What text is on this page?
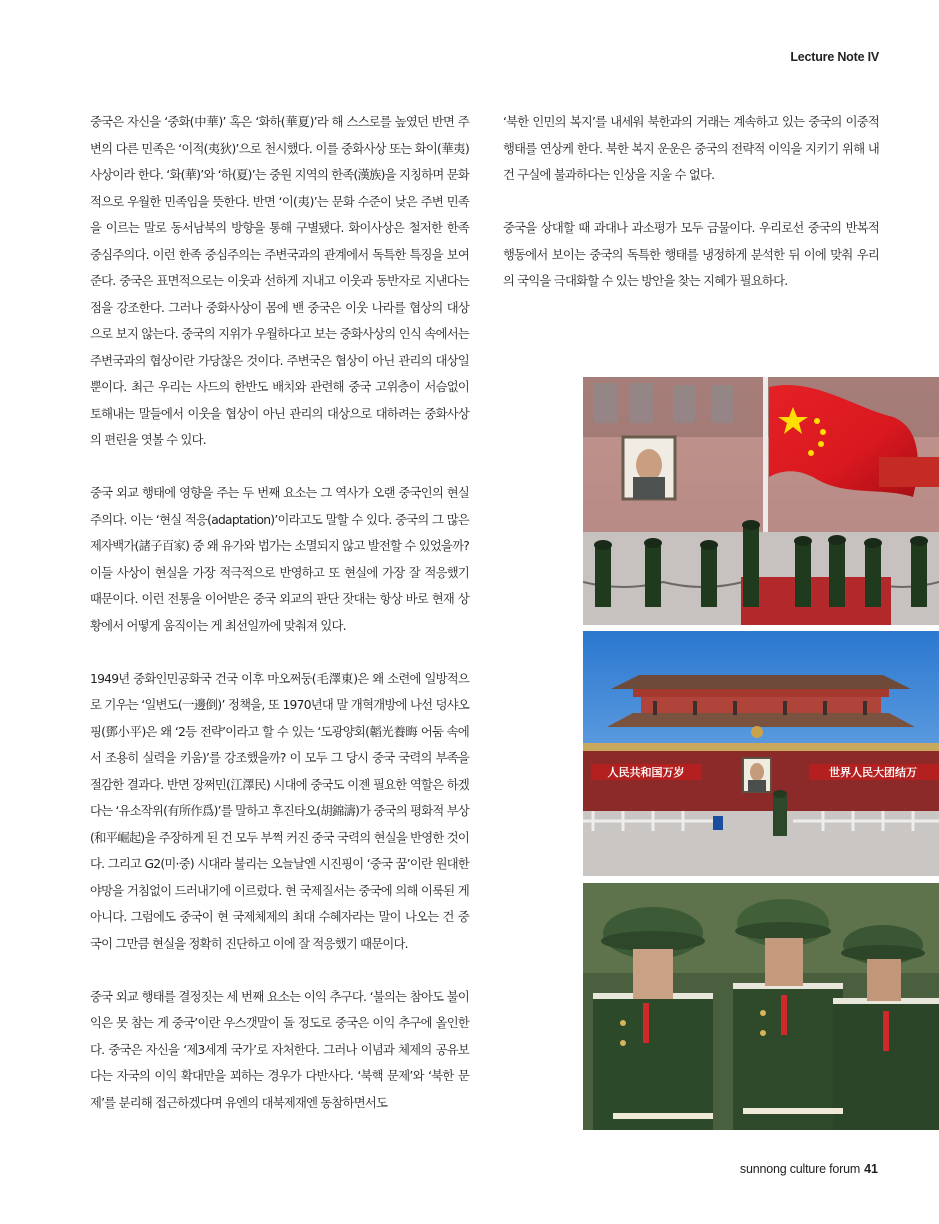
Lecture Note IV

중국은 자신을 ‘중화(中華)’ 혹은 ‘화하(華夏)’라 해 스스로를 높였던 반면 주변의 다른 민족은 ‘이적(夷狄)’으로 천시했다. 이를 중화사상 또는 화이(華夷)사상이라 한다. ‘화(華)’와 ‘하(夏)’는 중원 지역의 한족(漢族)을 지칭하며 문화적으로 우월한 민족임을 뜻한다. 반면 ‘이(夷)’는 문화 수준이 낮은 주변 민족을 이르는 말로 동서남북의 방향을 통해 구별됐다. 화이사상은 철저한 한족 중심주의다. 이런 한족 중심주의는 주변국과의 관계에서 독특한 특징을 보여준다. 중국은 표면적으로는 이웃과 선하게 지내고 이웃과 동반자로 지낸다는 점을 강조한다. 그러나 중화사상이 몸에 밴 중국은 이웃 나라를 협상의 대상으로 보지 않는다. 중국의 지위가 우월하다고 보는 중화사상의 인식 속에서는 주변국과의 협상이란 가당찮은 것이다. 주변국은 협상이 아닌 관리의 대상일 뿐이다. 최근 우리는 사드의 한반도 배치와 관련해 중국 고위층이 서슴없이 토해내는 말들에서 이웃을 협상이 아닌 관리의 대상으로 대하려는 중화사상의 편린을 엿볼 수 있다.

중국 외교 행태에 영향을 주는 두 번째 요소는 그 역사가 오랜 중국인의 현실주의다. 이는 ‘현실 적응(adaptation)’이라고도 말할 수 있다. 중국의 그 많은 제자백가(諸子百家) 중 왜 유가와 법가는 소멸되지 않고 발전할 수 있었을까? 이들 사상이 현실을 가장 적극적으로 반영하고 또 현실에 가장 잘 적응했기 때문이다. 이런 전통을 이어받은 중국 외교의 판단 잣대는 항상 바로 현재 상황에서 어떻게 움직이는 게 최선일까에 맞춰져 있다.

1949년 중화인민공화국 건국 이후 마오쩌둥(毛澤東)은 왜 소련에 일방적으로 기우는 ‘일변도(一邊倒)’ 정책을, 또 1970년대 말 개혁개방에 나선 덩샤오핑(鄧小平)은 왜 ‘2등 전략’이라고 할 수 있는 ‘도광양회(韜光養晦 어둠 속에서 조용히 실력을 키움)’를 강조했을까? 이 모두 그 당시 중국 국력의 부족을 절감한 결과다. 반면 장쩌민(江澤民) 시대에 중국도 이젠 필요한 역할은 하겠다는 ‘유소작위(有所作爲)’를 말하고 후진타오(胡錦濤)가 중국의 평화적 부상(和平崛起)을 주장하게 된 건 모두 부쩍 커진 중국 국력의 현실을 반영한 것이다. 그리고 G2(미·중) 시대라 불리는 오늘날엔 시진핑이 ‘중국 꿈’이란 원대한 야망을 거침없이 드러내기에 이르렀다. 현 국제질서는 중국에 의해 이룩된 게 아니다. 그럼에도 중국이 현 국제체제의 최대 수혜자라는 말이 나오는 건 중국이 그만큼 현실을 정확히 진단하고 이에 잘 적응했기 때문이다.

중국 외교 행태를 결정짓는 세 번째 요소는 이익 추구다. ‘불의는 참아도 불이익은 못 참는 게 중국’이란 우스갯말이 돌 정도로 중국은 이익 추구에 올인한다. 중국은 자신을 ‘제3세계 국가’로 자처한다. 그러나 이념과 체제의 공유보다는 자국의 이익 확대만을 꾀하는 경우가 다반사다. ‘북핵 문제’와 ‘북한 문제’를 분리해 접근하겠다며 유엔의 대북제재엔 동참하면서도

‘북한 인민의 복지’를 내세워 북한과의 거래는 계속하고 있는 중국의 이중적 행태를 연상케 한다. 북한 복지 운운은 중국의 전략적 이익을 지키기 위해 내건 구실에 불과하다는 인상을 지울 수 없다.

중국을 상대할 때 과대나 과소평가 모두 금물이다. 우리로선 중국의 반복적 행동에서 보이는 중국의 독특한 행태를 냉정하게 분석한 뒤 이에 맞춰 우리의 국익을 극대화할 수 있는 방안을 찾는 지혜가 필요하다.

人民共和国万岁	世界人民大团结万
sunnong culture forum 41
